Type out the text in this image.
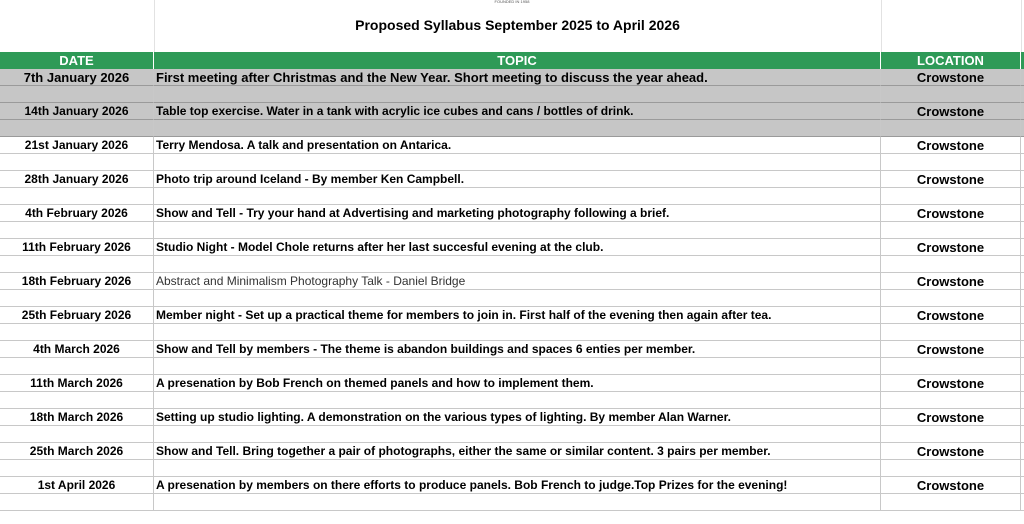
FOUNDED IN 1958
Proposed Syllabus September 2025 to April 2026
DATE	TOPIC	LOCATION
7th January 2026	First meeting after Christmas and the New Year. Short meeting to discuss the year ahead.	Crowstone
14th January 2026	Table top exercise. Water in a tank with acrylic ice cubes and cans / bottles of drink.	Crowstone
21st January 2026	Terry Mendosa. A talk and presentation on Antarica.	Crowstone
28th January 2026	Photo trip around Iceland - By member Ken Campbell.	Crowstone
4th February 2026	Show and Tell - Try your hand at Advertising and marketing photography following a brief.	Crowstone
11th February 2026	Studio Night - Model Chole returns after her last succesful evening at the club.	Crowstone
18th February 2026	Abstract and Minimalism Photography Talk - Daniel Bridge	Crowstone
25th February 2026	Member night - Set up a practical theme for members to join in. First half of the evening then again after tea.	Crowstone
4th March 2026	Show and Tell by members - The theme is abandon buildings and spaces 6 enties per member.	Crowstone
11th March 2026	A presenation by Bob French on themed panels and how to implement them.	Crowstone
18th March 2026	Setting up studio lighting. A demonstration on the various types of lighting. By member Alan Warner.	Crowstone
25th March 2026	Show and Tell. Bring together a pair of photographs, either the same or similar content. 3 pairs per member.	Crowstone
1st April 2026	A presenation by members on there efforts to produce panels. Bob French to judge.Top Prizes for the evening!	Crowstone
